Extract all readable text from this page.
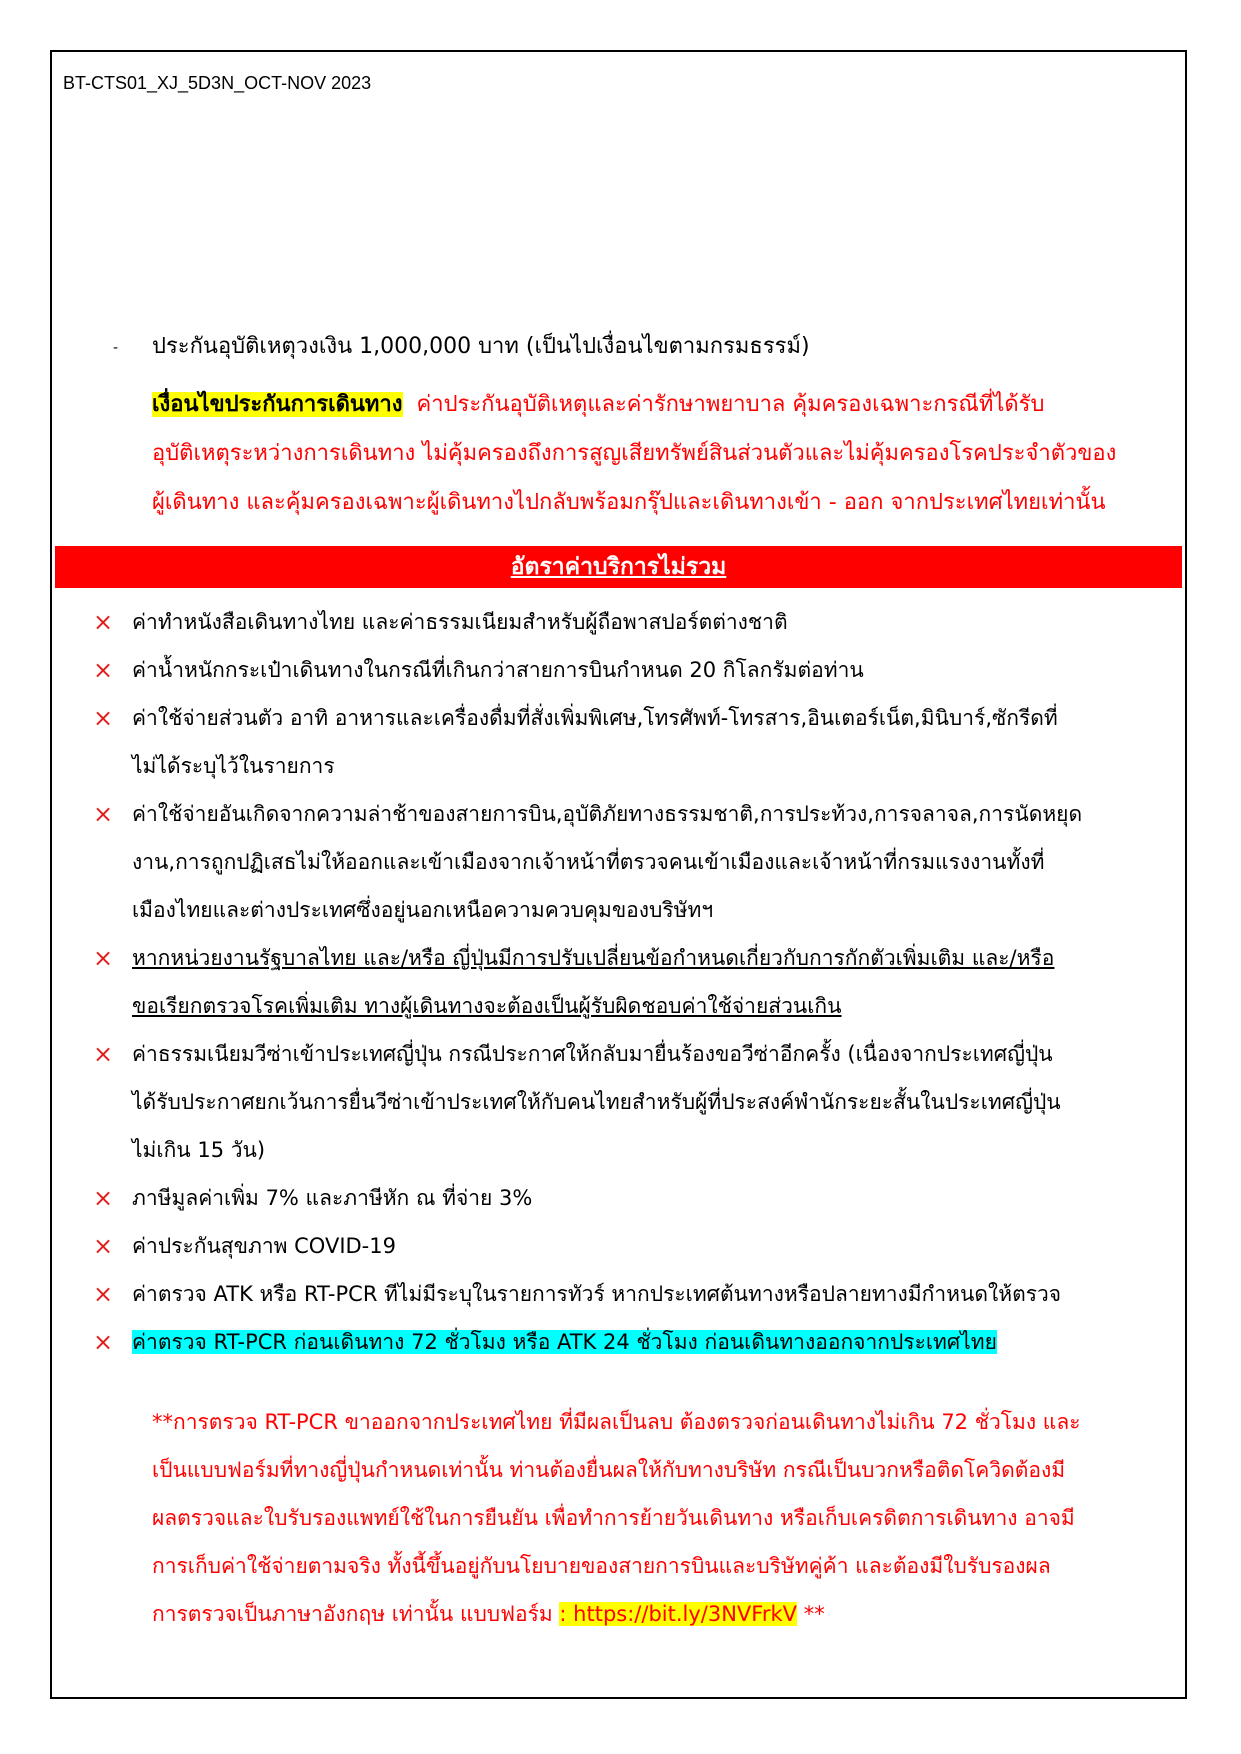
BT-CTS01_XJ_5D3N_OCT-NOV 2023
- ประกันอุบัติเหตุวงเงิน 1,000,000 บาท (เป็นไปเงื่อนไขตามกรมธรรม์)
เงื่อนไขประกันการเดินทาง ค่าประกันอุบัติเหตุและค่ารักษาพยาบาล คุ้มครองเฉพาะกรณีที่ได้รับ
อุบัติเหตุระหว่างการเดินทาง ไม่คุ้มครองถึงการสูญเสียทรัพย์สินส่วนตัวและไม่คุ้มครองโรคประจำตัวของ
ผู้เดินทาง และคุ้มครองเฉพาะผู้เดินทางไปกลับพร้อมกรุ๊ปและเดินทางเข้า - ออก จากประเทศไทยเท่านั้น
อัตราค่าบริการไม่รวม
× ค่าทำหนังสือเดินทางไทย และค่าธรรมเนียมสำหรับผู้ถือพาสปอร์ตต่างชาติ
× ค่าน้ำหนักกระเป๋าเดินทางในกรณีที่เกินกว่าสายการบินกำหนด 20 กิโลกรัมต่อท่าน
× ค่าใช้จ่ายส่วนตัว อาทิ อาหารและเครื่องดื่มที่สั่งเพิ่มพิเศษ,โทรศัพท์-โทรสาร,อินเตอร์เน็ต,มินิบาร์,ซักรีดที่
ไม่ได้ระบุไว้ในรายการ
× ค่าใช้จ่ายอันเกิดจากความล่าช้าของสายการบิน,อุบัติภัยทางธรรมชาติ,การประท้วง,การจลาจล,การนัดหยุด
งาน,การถูกปฏิเสธไม่ให้ออกและเข้าเมืองจากเจ้าหน้าที่ตรวจคนเข้าเมืองและเจ้าหน้าที่กรมแรงงานทั้งที่
เมืองไทยและต่างประเทศซึ่งอยู่นอกเหนือความควบคุมของบริษัทฯ
× หากหน่วยงานรัฐบาลไทย และ/หรือ ญี่ปุ่นมีการปรับเปลี่ยนข้อกำหนดเกี่ยวกับการกักตัวเพิ่มเติม และ/หรือ
ขอเรียกตรวจโรคเพิ่มเติม ทางผู้เดินทางจะต้องเป็นผู้รับผิดชอบค่าใช้จ่ายส่วนเกิน
× ค่าธรรมเนียมวีซ่าเข้าประเทศญี่ปุ่น กรณีประกาศให้กลับมายื่นร้องขอวีซ่าอีกครั้ง (เนื่องจากประเทศญี่ปุ่น
ได้รับประกาศยกเว้นการยื่นวีซ่าเข้าประเทศให้กับคนไทยสำหรับผู้ที่ประสงค์พำนักระยะสั้นในประเทศญี่ปุ่น
ไม่เกิน 15 วัน)
× ภาษีมูลค่าเพิ่ม 7% และภาษีหัก ณ ที่จ่าย 3%
× ค่าประกันสุขภาพ COVID-19
× ค่าตรวจ ATK หรือ RT-PCR ทีไม่มีระบุในรายการทัวร์ หากประเทศต้นทางหรือปลายทางมีกำหนดให้ตรวจ
× ค่าตรวจ RT-PCR ก่อนเดินทาง 72 ชั่วโมง หรือ ATK 24 ชั่วโมง ก่อนเดินทางออกจากประเทศไทย
**การตรวจ RT-PCR ขาออกจากประเทศไทย ที่มีผลเป็นลบ ต้องตรวจก่อนเดินทางไม่เกิน 72 ชั่วโมง และ
เป็นแบบฟอร์มที่ทางญี่ปุ่นกำหนดเท่านั้น ท่านต้องยื่นผลให้กับทางบริษัท กรณีเป็นบวกหรือติดโควิดต้องมี
ผลตรวจและใบรับรองแพทย์ใช้ในการยืนยัน เพื่อทำการย้ายวันเดินทาง หรือเก็บเครดิตการเดินทาง อาจมี
การเก็บค่าใช้จ่ายตามจริง ทั้งนี้ขึ้นอยู่กับนโยบายของสายการบินและบริษัทคู่ค้า และต้องมีใบรับรองผล
การตรวจเป็นภาษาอังกฤษ เท่านั้น แบบฟอร์ม : https://bit.ly/3NVFrkV **
